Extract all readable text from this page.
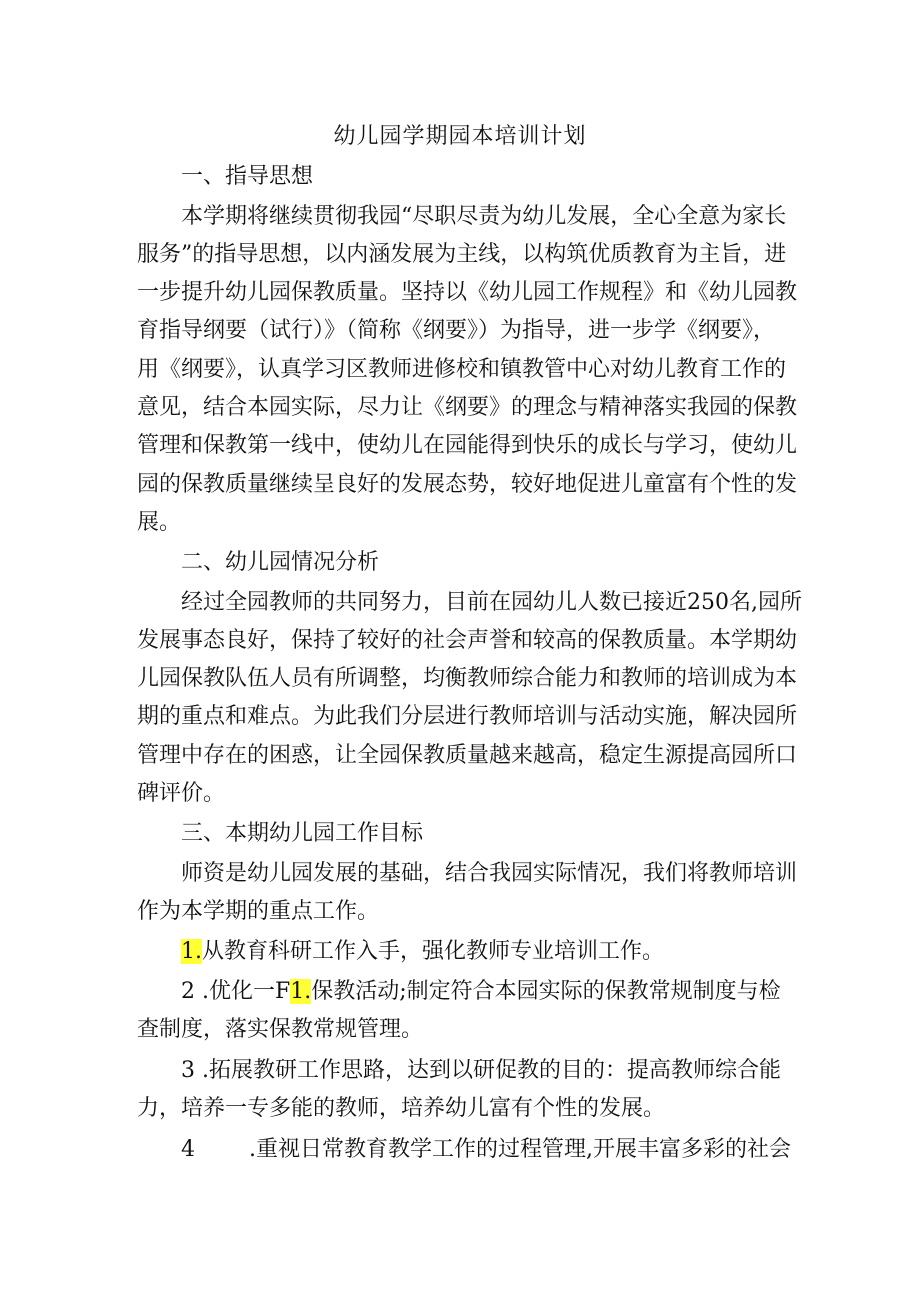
幼儿园学期园本培训计划
一、指导思想
本学期将继续贯彻我园“尽职尽责为幼儿发展，全心全意为家长
服务”的指导思想，以内涵发展为主线，以构筑优质教育为主旨，进
一步提升幼儿园保教质量。坚持以《幼儿园工作规程》和《幼儿园教
育指导纲要（试行）》（简称《纲要》）为指导，进一步学《纲要》，
用《纲要》，认真学习区教师进修校和镇教管中心对幼儿教育工作的
意见，结合本园实际，尽力让《纲要》的理念与精神落实我园的保教
管理和保教第一线中，使幼儿在园能得到快乐的成长与学习，使幼儿
园的保教质量继续呈良好的发展态势，较好地促进儿童富有个性的发
展。
二、幼儿园情况分析
经过全园教师的共同努力，目前在园幼儿人数已接近250名,园所
发展事态良好，保持了较好的社会声誉和较高的保教质量。本学期幼
儿园保教队伍人员有所调整，均衡教师综合能力和教师的培训成为本
期的重点和难点。为此我们分层进行教师培训与活动实施，解决园所
管理中存在的困惑，让全园保教质量越来越高，稳定生源提高园所口
碑评价。
三、本期幼儿园工作目标
师资是幼儿园发展的基础，结合我园实际情况，我们将教师培训
作为本学期的重点工作。
1.从教育科研工作入手，强化教师专业培训工作。
2 .优化一F1.保教活动;制定符合本园实际的保教常规制度与检
查制度，落实保教常规管理。
3 .拓展教研工作思路，达到以研促教的目的：提高教师综合能
力，培养一专多能的教师，培养幼儿富有个性的发展。
4 .重视日常教育教学工作的过程管理,开展丰富多彩的社会
